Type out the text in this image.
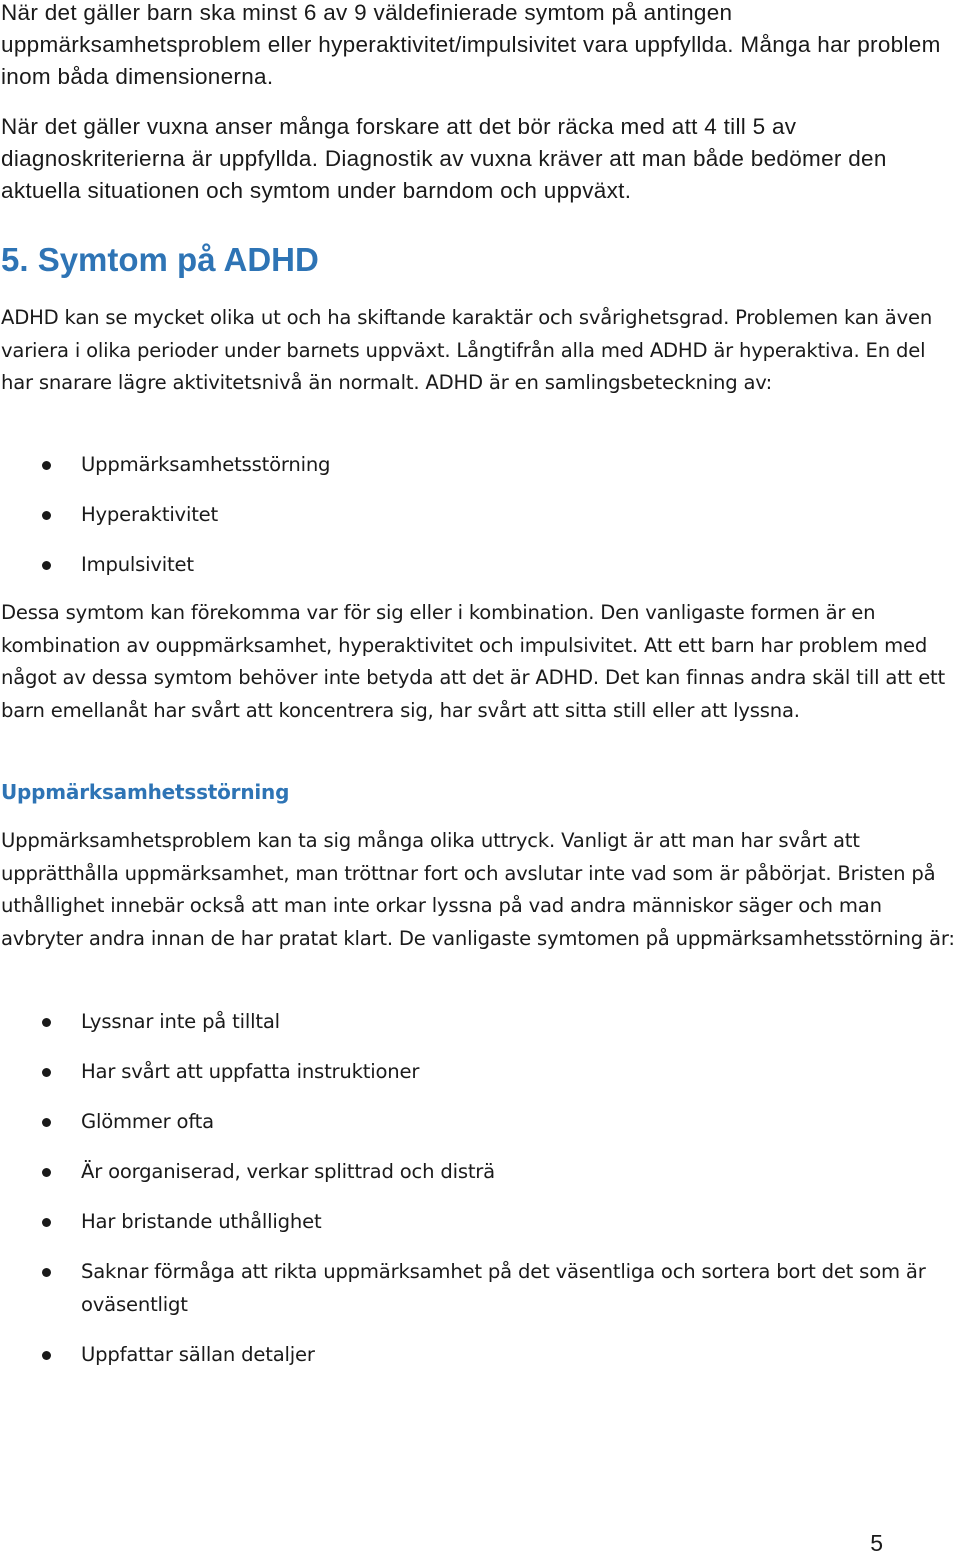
När det gäller barn ska minst 6 av 9 väldefinierade symtom på antingen uppmärksamhetsproblem eller hyperaktivitet/impulsivitet vara uppfyllda. Många har problem inom båda dimensionerna.

När det gäller vuxna anser många forskare att det bör räcka med att 4 till 5 av diagnoskriterierna är uppfyllda. Diagnostik av vuxna kräver att man både bedömer den aktuella situationen och symtom under barndom och uppväxt.

5. Symtom på ADHD

ADHD kan se mycket olika ut och ha skiftande karaktär och svårighetsgrad. Problemen kan även variera i olika perioder under barnets uppväxt. Långtifrån alla med ADHD är hyperaktiva. En del har snarare lägre aktivitetsnivå än normalt. ADHD är en samlingsbeteckning av:

Uppmärksamhetsstörning
Hyperaktivitet
Impulsivitet

Dessa symtom kan förekomma var för sig eller i kombination. Den vanligaste formen är en kombination av ouppmärksamhet, hyperaktivitet och impulsivitet. Att ett barn har problem med något av dessa symtom behöver inte betyda att det är ADHD. Det kan finnas andra skäl till att ett barn emellanåt har svårt att koncentrera sig, har svårt att sitta still eller att lyssna.

Uppmärksamhetsstörning

Uppmärksamhetsproblem kan ta sig många olika uttryck. Vanligt är att man har svårt att upprätthålla uppmärksamhet, man tröttnar fort och avslutar inte vad som är påbörjat. Bristen på uthållighet innebär också att man inte orkar lyssna på vad andra människor säger och man avbryter andra innan de har pratat klart. De vanligaste symtomen på uppmärksamhetsstörning är:

Lyssnar inte på tilltal
Har svårt att uppfatta instruktioner
Glömmer ofta
Är oorganiserad, verkar splittrad och disträ
Har bristande uthållighet
Saknar förmåga att rikta uppmärksamhet på det väsentliga och sortera bort det som är oväsentligt
Uppfattar sällan detaljer
5
